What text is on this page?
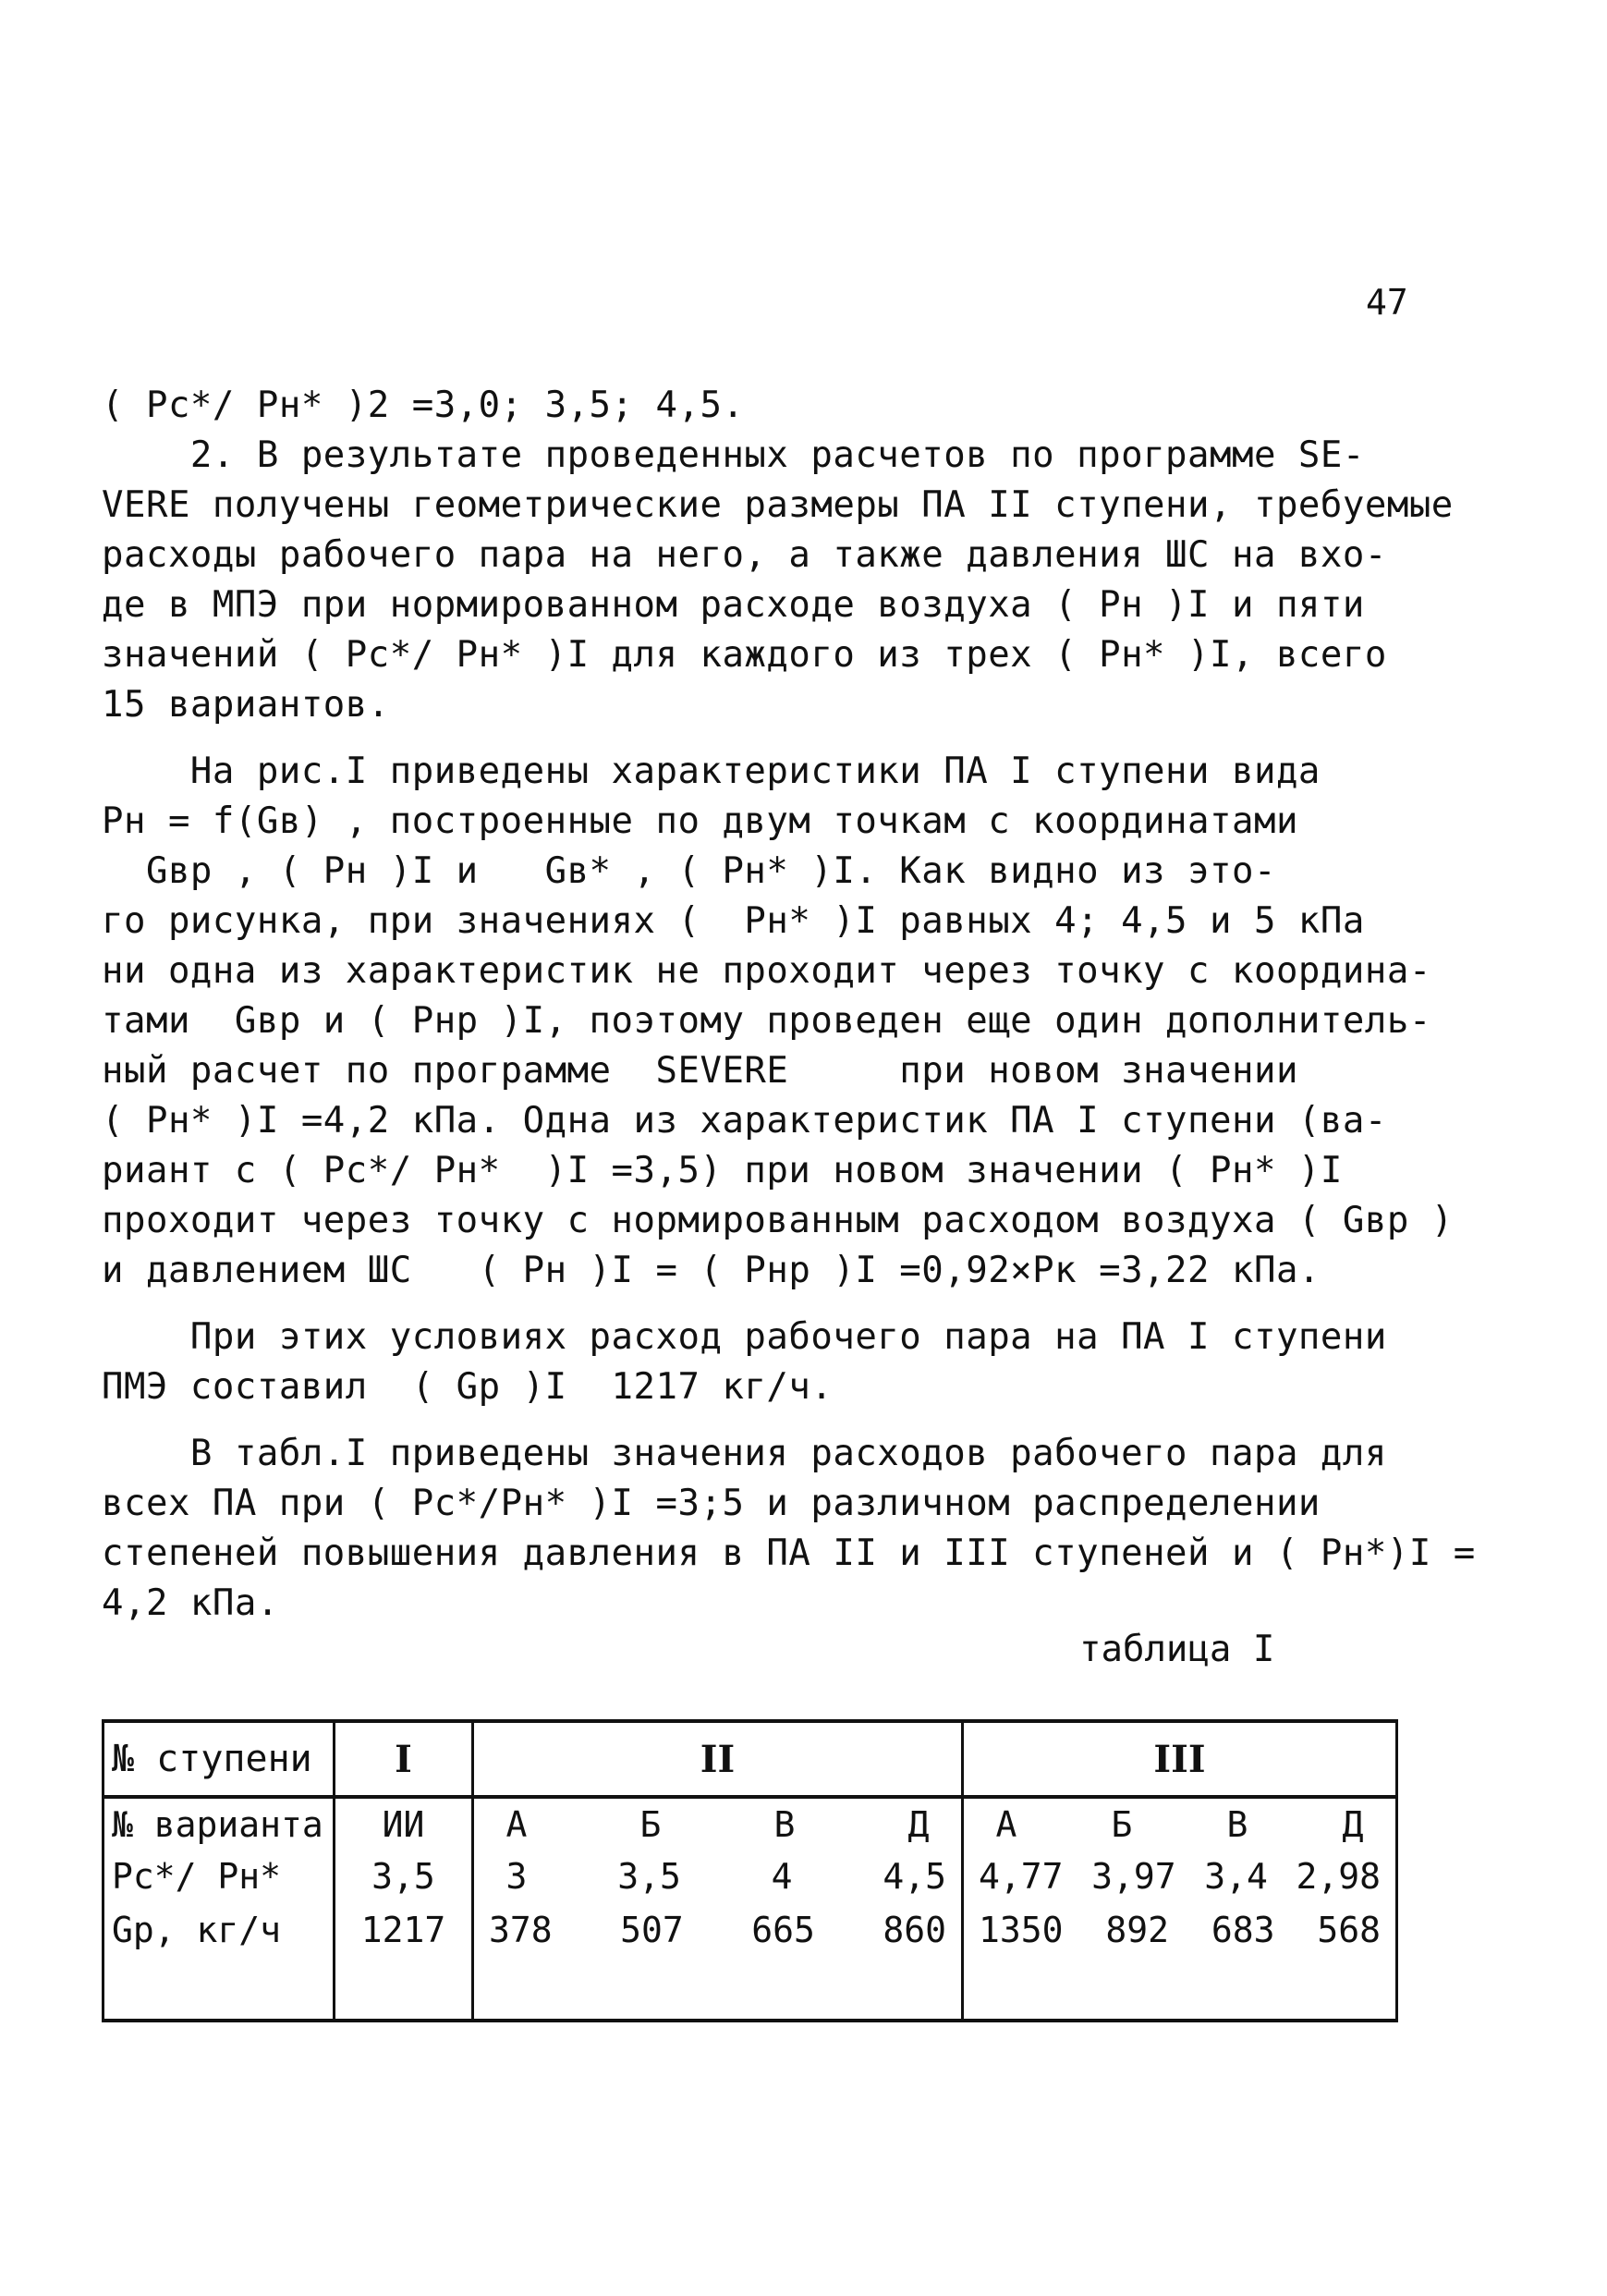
47
( Рс*/ Рн* )2 =3,0; 3,5; 4,5.
2. В результате проведенных расчетов по программе SE-
VERE получены геометрические размеры ПА II ступени, требуемые
расходы рабочего пара на него, а также давления ШС на вхо-
де в МПЭ при нормированном расходе воздуха ( Рн )I и пяти
значений ( Рс*/ Рн* )I для каждого из трех ( Рн* )I, всего
15 вариантов.
На рис.I приведены характеристики ПА I ступени вида
Рн = f(Gв) , построенные по двум точкам с координатами
Gвр , ( Рн )I и   Gв* , ( Рн* )I. Как видно из это-
го рисунка, при значениях (  Рн* )I равных 4; 4,5 и 5 кПа
ни одна из характеристик не проходит через точку с координа-
тами  Gвр и ( Рнр )I, поэтому проведен еще один дополнитель-
ный расчет по программе  SEVERE     при новом значении
( Рн* )I =4,2 кПа. Одна из характеристик ПА I ступени (ва-
риант с ( Рс*/ Рн*  )I =3,5) при новом значении ( Рн* )I
проходит через точку с нормированным расходом воздуха ( Gвр )
и давлением ШС   ( Рн )I = ( Рнр )I =0,92×Рк =3,22 кПа.
При этих условиях расход рабочего пара на ПА I ступени
ПМЭ составил  ( Gр )I  1217 кг/ч.
В табл.I приведены значения расходов рабочего пара для
всех ПА при ( Рс*/Рн* )I =3;5 и различном распределении
степеней повышения давления в ПА II и III ступеней и ( Рн*)I =
4,2 кПа.
таблица I
№ ступени	I	II	III
№ варианта	ИИ	А Б В Д	А Б В Д

Рс*/ Рн*	3,5	3 3,5 4 4,5	4,77 3,97 3,4 2,98

Gр, кг/ч	1217	378 507 665 860	1350 892 683 568
